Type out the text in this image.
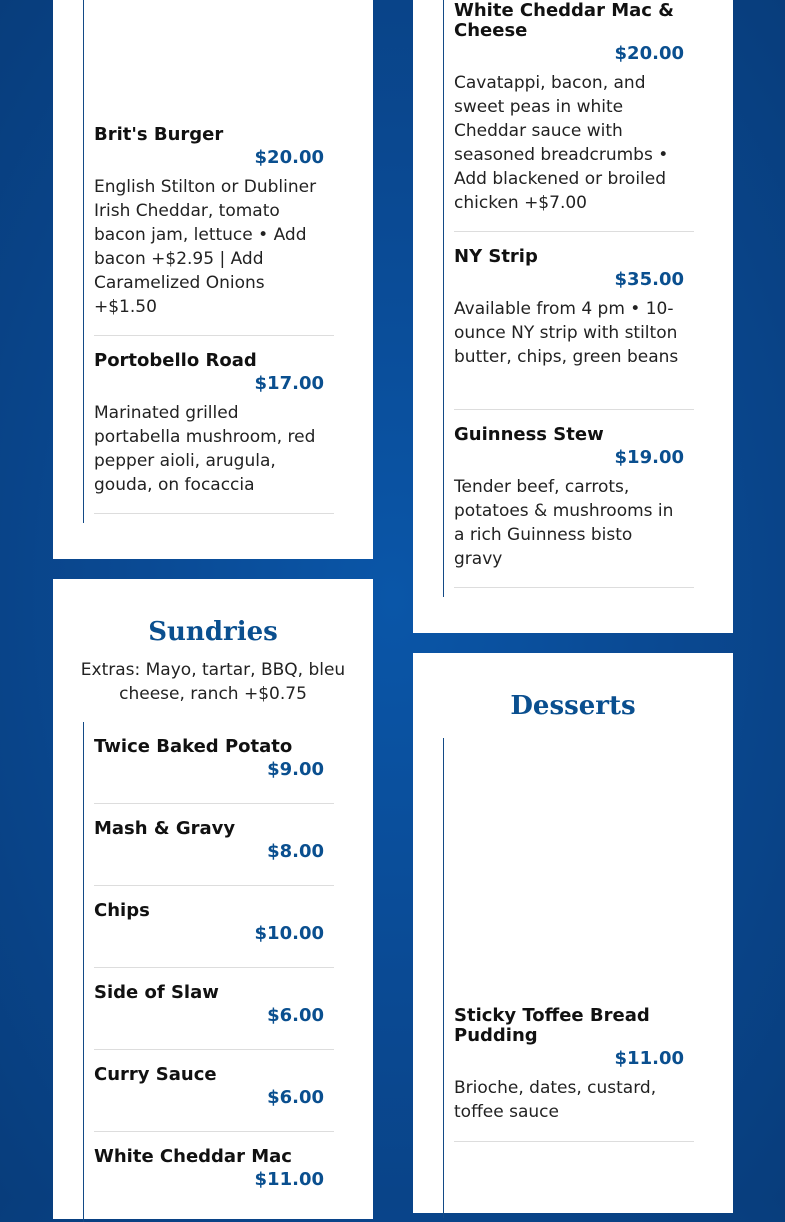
Brit's Burger
$20.00
English Stilton or Dubliner Irish Cheddar, tomato bacon jam, lettuce • Add bacon +$2.95 | Add Caramelized Onions +$1.50
Portobello Road
$17.00
Marinated grilled portabella mushroom, red pepper aioli, arugula, gouda, on focaccia
Sundries
Extras: Mayo, tartar, BBQ, bleu cheese, ranch +$0.75
Twice Baked Potato
$9.00
Mash & Gravy
$8.00
Chips
$10.00
Side of Slaw
$6.00
Curry Sauce
$6.00
White Cheddar Mac
$11.00
White Cheddar Mac & Cheese
$20.00
Cavatappi, bacon, and sweet peas in white Cheddar sauce with seasoned breadcrumbs • Add blackened or broiled chicken +$7.00
NY Strip
$35.00
Available from 4 pm • 10-ounce NY strip with stilton butter, chips, green beans
Guinness Stew
$19.00
Tender beef, carrots, potatoes & mushrooms in a rich Guinness bisto gravy
Desserts
Sticky Toffee Bread Pudding
$11.00
Brioche, dates, custard, toffee sauce
